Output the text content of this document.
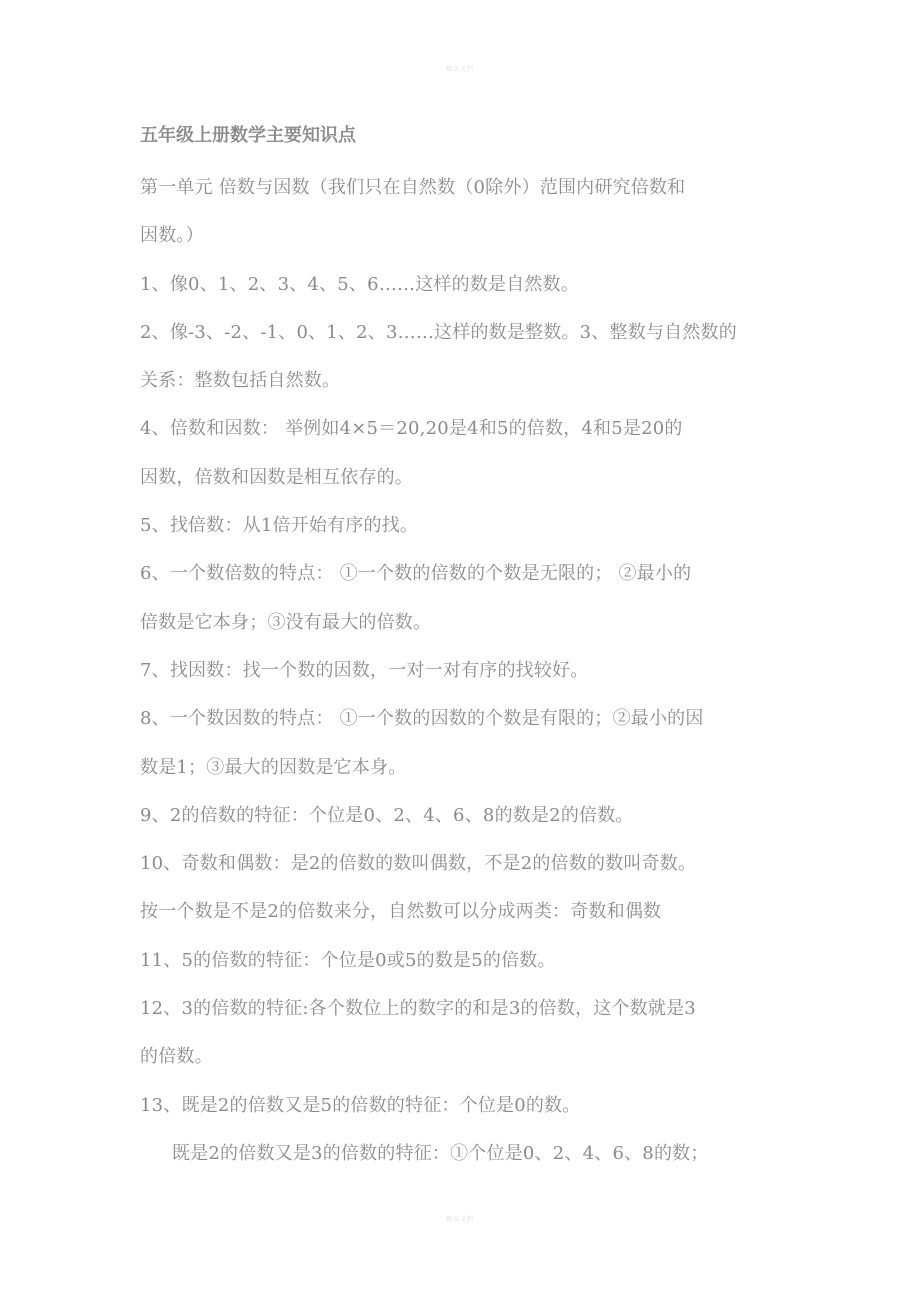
精品文档
五年级上册数学主要知识点

第一单元 倍数与因数（我们只在自然数（0除外）范围内研究倍数和

因数。）

1、像0、1、2、3、4、5、6……这样的数是自然数。

2、像-3、-2、-1、0、1、2、3……这样的数是整数。3、整数与自然数的

关系：整数包括自然数。

4、倍数和因数： 举例如4×5＝20,20是4和5的倍数，4和5是20的

因数，倍数和因数是相互依存的。

5、找倍数：从1倍开始有序的找。

6、一个数倍数的特点： ①一个数的倍数的个数是无限的； ②最小的

倍数是它本身；③没有最大的倍数。

7、找因数：找一个数的因数，一对一对有序的找较好。

8、一个数因数的特点： ①一个数的因数的个数是有限的；②最小的因

数是1；③最大的因数是它本身。

9、2的倍数的特征：个位是0、2、4、6、8的数是2的倍数。

10、奇数和偶数：是2的倍数的数叫偶数，不是2的倍数的数叫奇数。

按一个数是不是2的倍数来分，自然数可以分成两类：奇数和偶数

11、5的倍数的特征：个位是0或5的数是5的倍数。

12、3的倍数的特征:各个数位上的数字的和是3的倍数，这个数就是3

的倍数。

13、既是2的倍数又是5的倍数的特征：个位是0的数。

既是2的倍数又是3的倍数的特征：①个位是0、2、4、6、8的数；

精品文档
